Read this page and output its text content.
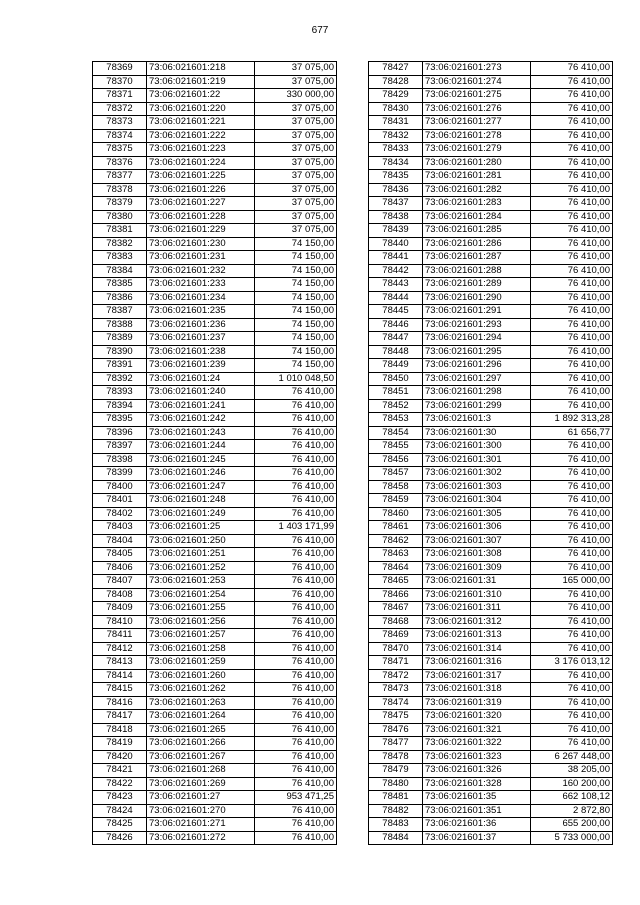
677
78369	73:06:021601:218	37 075,00
78370	73:06:021601:219	37 075,00
78371	73:06:021601:22	330 000,00
78372	73:06:021601:220	37 075,00
78373	73:06:021601:221	37 075,00
78374	73:06:021601:222	37 075,00
78375	73:06:021601:223	37 075,00
78376	73:06:021601:224	37 075,00
78377	73:06:021601:225	37 075,00
78378	73:06:021601:226	37 075,00
78379	73:06:021601:227	37 075,00
78380	73:06:021601:228	37 075,00
78381	73:06:021601:229	37 075,00
78382	73:06:021601:230	74 150,00
78383	73:06:021601:231	74 150,00
78384	73:06:021601:232	74 150,00
78385	73:06:021601:233	74 150,00
78386	73:06:021601:234	74 150,00
78387	73:06:021601:235	74 150,00
78388	73:06:021601:236	74 150,00
78389	73:06:021601:237	74 150,00
78390	73:06:021601:238	74 150,00
78391	73:06:021601:239	74 150,00
78392	73:06:021601:24	1 010 048,50
78393	73:06:021601:240	76 410,00
78394	73:06:021601:241	76 410,00
78395	73:06:021601:242	76 410,00
78396	73:06:021601:243	76 410,00
78397	73:06:021601:244	76 410,00
78398	73:06:021601:245	76 410,00
78399	73:06:021601:246	76 410,00
78400	73:06:021601:247	76 410,00
78401	73:06:021601:248	76 410,00
78402	73:06:021601:249	76 410,00
78403	73:06:021601:25	1 403 171,99
78404	73:06:021601:250	76 410,00
78405	73:06:021601:251	76 410,00
78406	73:06:021601:252	76 410,00
78407	73:06:021601:253	76 410,00
78408	73:06:021601:254	76 410,00
78409	73:06:021601:255	76 410,00
78410	73:06:021601:256	76 410,00
78411	73:06:021601:257	76 410,00
78412	73:06:021601:258	76 410,00
78413	73:06:021601:259	76 410,00
78414	73:06:021601:260	76 410,00
78415	73:06:021601:262	76 410,00
78416	73:06:021601:263	76 410,00
78417	73:06:021601:264	76 410,00
78418	73:06:021601:265	76 410,00
78419	73:06:021601:266	76 410,00
78420	73:06:021601:267	76 410,00
78421	73:06:021601:268	76 410,00
78422	73:06:021601:269	76 410,00
78423	73:06:021601:27	953 471,25
78424	73:06:021601:270	76 410,00
78425	73:06:021601:271	76 410,00
78426	73:06:021601:272	76 410,00
78427	73:06:021601:273	76 410,00
78428	73:06:021601:274	76 410,00
78429	73:06:021601:275	76 410,00
78430	73:06:021601:276	76 410,00
78431	73:06:021601:277	76 410,00
78432	73:06:021601:278	76 410,00
78433	73:06:021601:279	76 410,00
78434	73:06:021601:280	76 410,00
78435	73:06:021601:281	76 410,00
78436	73:06:021601:282	76 410,00
78437	73:06:021601:283	76 410,00
78438	73:06:021601:284	76 410,00
78439	73:06:021601:285	76 410,00
78440	73:06:021601:286	76 410,00
78441	73:06:021601:287	76 410,00
78442	73:06:021601:288	76 410,00
78443	73:06:021601:289	76 410,00
78444	73:06:021601:290	76 410,00
78445	73:06:021601:291	76 410,00
78446	73:06:021601:293	76 410,00
78447	73:06:021601:294	76 410,00
78448	73:06:021601:295	76 410,00
78449	73:06:021601:296	76 410,00
78450	73:06:021601:297	76 410,00
78451	73:06:021601:298	76 410,00
78452	73:06:021601:299	76 410,00
78453	73:06:021601:3	1 892 313,28
78454	73:06:021601:30	61 656,77
78455	73:06:021601:300	76 410,00
78456	73:06:021601:301	76 410,00
78457	73:06:021601:302	76 410,00
78458	73:06:021601:303	76 410,00
78459	73:06:021601:304	76 410,00
78460	73:06:021601:305	76 410,00
78461	73:06:021601:306	76 410,00
78462	73:06:021601:307	76 410,00
78463	73:06:021601:308	76 410,00
78464	73:06:021601:309	76 410,00
78465	73:06:021601:31	165 000,00
78466	73:06:021601:310	76 410,00
78467	73:06:021601:311	76 410,00
78468	73:06:021601:312	76 410,00
78469	73:06:021601:313	76 410,00
78470	73:06:021601:314	76 410,00
78471	73:06:021601:316	3 176 013,12
78472	73:06:021601:317	76 410,00
78473	73:06:021601:318	76 410,00
78474	73:06:021601:319	76 410,00
78475	73:06:021601:320	76 410,00
78476	73:06:021601:321	76 410,00
78477	73:06:021601:322	76 410,00
78478	73:06:021601:323	6 267 448,00
78479	73:06:021601:326	38 205,00
78480	73:06:021601:328	160 200,00
78481	73:06:021601:35	662 108,12
78482	73:06:021601:351	2 872,80
78483	73:06:021601:36	655 200,00
78484	73:06:021601:37	5 733 000,00
